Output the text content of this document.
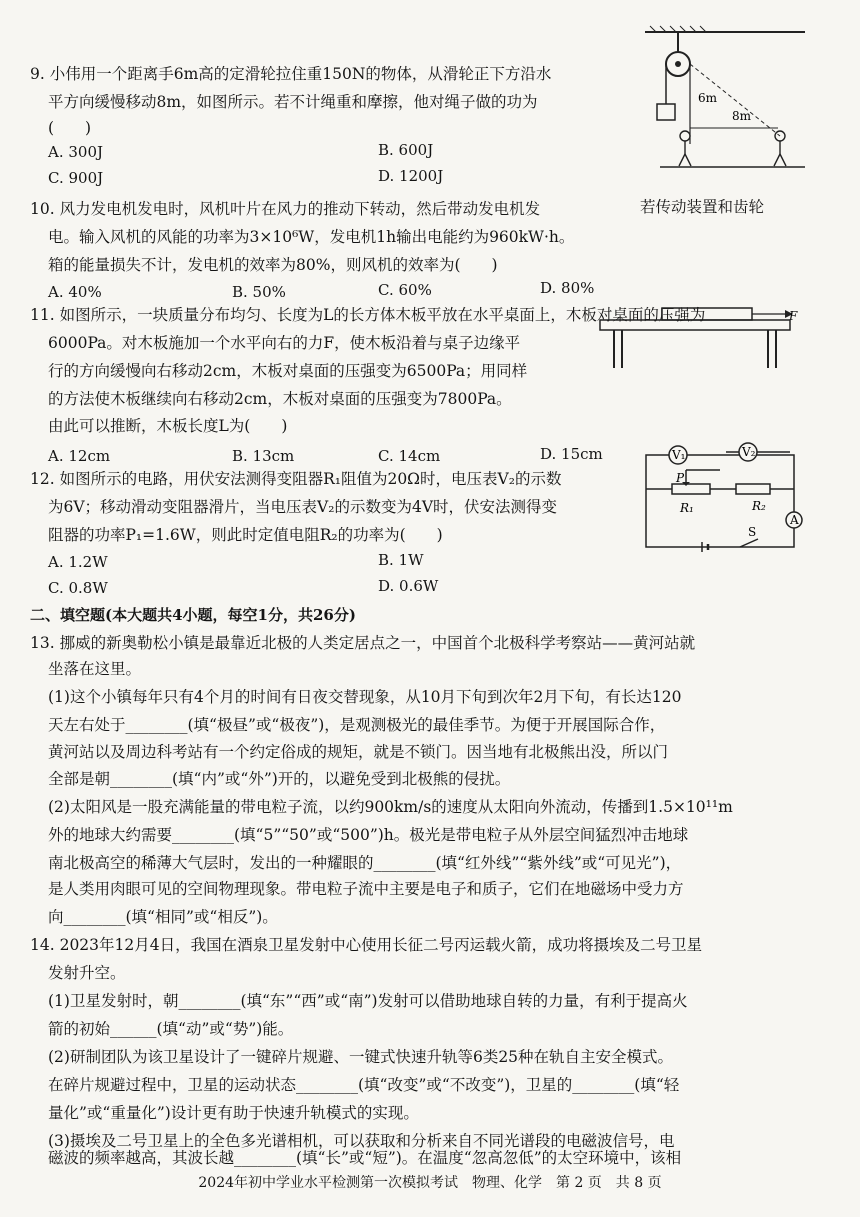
9. 小伟用一个距离手6m高的定滑轮拉住重150N的物体，从滑轮正下方沿水
平方向缓慢移动8m，如图所示。若不计绳重和摩擦，他对绳子做的功为
(　　)
A. 300J	B. 600J
C. 900J	D. 1200J
6m
8m
10. 风力发电机发电时，风机叶片在风力的推动下转动，然后带动发电机发	若传动装置和齿轮
电。输入风机的风能的功率为3×10⁶W，发电机1h输出电能约为960kW·h。
箱的能量损失不计，发电机的效率为80%，则风机的效率为(　　)
A. 40%	B. 50%	C. 60%	D. 80%
11. 如图所示，一块质量分布均匀、长度为L的长方体木板平放在水平桌面上，木板对桌面的压强为
6000Pa。对木板施加一个水平向右的力F，使木板沿着与桌子边缘平
行的方向缓慢向右移动2cm，木板对桌面的压强变为6500Pa；用同样
的方法使木板继续向右移动2cm，木板对桌面的压强变为7800Pa。
由此可以推断，木板长度L为(　　)
A. 12cm	B. 13cm	C. 14cm	D. 15cm
F
12. 如图所示的电路，用伏安法测得变阻器R₁阻值为20Ω时，电压表V₂的示数
为6V；移动滑动变阻器滑片，当电压表V₂的示数变为4V时，伏安法测得变
阻器的功率P₁=1.6W，则此时定值电阻R₂的功率为(　　)
A. 1.2W	B. 1W
C. 0.8W	D. 0.6W
V₁	V₂
P
R₁	R₂
A
S
二、填空题(本大题共4小题，每空1分，共26分)
13. 挪威的新奥勒松小镇是最靠近北极的人类定居点之一，中国首个北极科学考察站——黄河站就
坐落在这里。
(1)这个小镇每年只有4个月的时间有日夜交替现象，从10月下旬到次年2月下旬，有长达120
天左右处于________(填“极昼”或“极夜”)，是观测极光的最佳季节。为便于开展国际合作，
黄河站以及周边科考站有一个约定俗成的规矩，就是不锁门。因当地有北极熊出没，所以门
全部是朝________(填“内”或“外”)开的，以避免受到北极熊的侵扰。
(2)太阳风是一股充满能量的带电粒子流，以约900km/s的速度从太阳向外流动，传播到1.5×10¹¹m
外的地球大约需要________(填“5”“50”或“500”)h。极光是带电粒子从外层空间猛烈冲击地球
南北极高空的稀薄大气层时，发出的一种耀眼的________(填“红外线”“紫外线”或“可见光”)，
是人类用肉眼可见的空间物理现象。带电粒子流中主要是电子和质子，它们在地磁场中受力方
向________(填“相同”或“相反”)。
14. 2023年12月4日，我国在酒泉卫星发射中心使用长征二号丙运载火箭，成功将摄埃及二号卫星
发射升空。
(1)卫星发射时，朝________(填“东”“西”或“南”)发射可以借助地球自转的力量，有利于提高火
箭的初始______(填“动”或“势”)能。
(2)研制团队为该卫星设计了一键碎片规避、一键式快速升轨等6类25种在轨自主安全模式。
在碎片规避过程中，卫星的运动状态________(填“改变”或“不改变”)，卫星的________(填“轻
量化”或“重量化”)设计更有助于快速升轨模式的实现。
(3)摄埃及二号卫星上的全色多光谱相机，可以获取和分析来自不同光谱段的电磁波信号，电
2024年初中学业水平检测第一次模拟考试　物理、化学　第 2 页　共 8 页
磁波的频率越高，其波长越________(填“长”或“短”)。在温度“忽高忽低”的太空环境中，该相
